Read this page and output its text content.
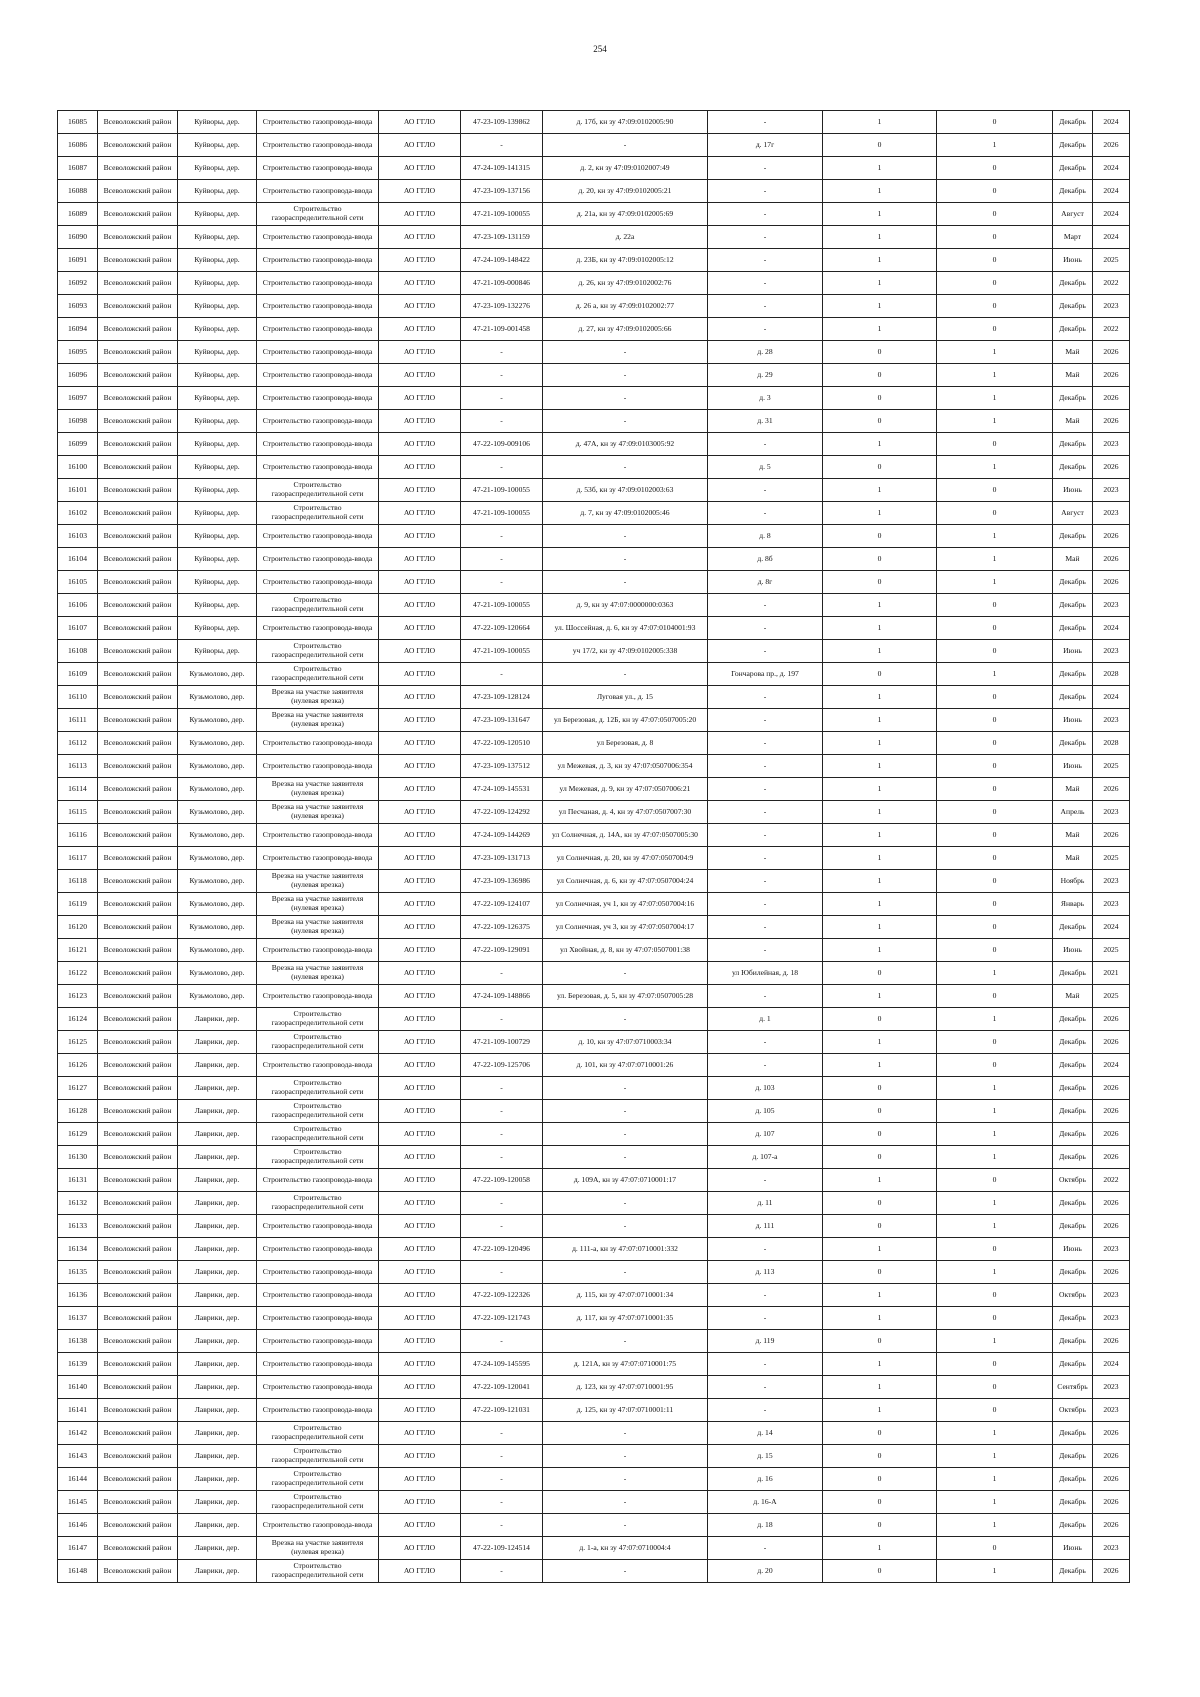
254
16085	Всеволожский район	Куйворы, дер.	Строительство газопровода-ввода	АО ГГЛО	47-23-109-139862	д. 17б, кн зу 47:09:0102005:90	-	1	0	Декабрь	2024
16086	Всеволожский район	Куйворы, дер.	Строительство газопровода-ввода	АО ГГЛО	-	-	д. 17г	0	1	Декабрь	2026
16087	Всеволожский район	Куйворы, дер.	Строительство газопровода-ввода	АО ГГЛО	47-24-109-141315	д. 2, кн зу 47:09:0102007:49	-	1	0	Декабрь	2024
16088	Всеволожский район	Куйворы, дер.	Строительство газопровода-ввода	АО ГГЛО	47-23-109-137156	д. 20, кн зу 47:09:0102005:21	-	1	0	Декабрь	2024
16089	Всеволожский район	Куйворы, дер.	Строительство газораспределительной сети	АО ГГЛО	47-21-109-100055	д. 21а, кн зу 47:09:0102005:69	-	1	0	Август	2024
16090	Всеволожский район	Куйворы, дер.	Строительство газопровода-ввода	АО ГГЛО	47-23-109-131159	д. 22а	-	1	0	Март	2024
16091	Всеволожский район	Куйворы, дер.	Строительство газопровода-ввода	АО ГГЛО	47-24-109-148422	д. 23Б, кн зу 47:09:0102005:12	-	1	0	Июнь	2025
16092	Всеволожский район	Куйворы, дер.	Строительство газопровода-ввода	АО ГГЛО	47-21-109-000846	д. 26, кн зу 47:09:0102002:76	-	1	0	Декабрь	2022
16093	Всеволожский район	Куйворы, дер.	Строительство газопровода-ввода	АО ГГЛО	47-23-109-132276	д. 26 а, кн зу 47:09:0102002:77	-	1	0	Декабрь	2023
16094	Всеволожский район	Куйворы, дер.	Строительство газопровода-ввода	АО ГГЛО	47-21-109-001458	д. 27, кн зу 47:09:0102005:66	-	1	0	Декабрь	2022
16095	Всеволожский район	Куйворы, дер.	Строительство газопровода-ввода	АО ГГЛО	-	-	д. 28	0	1	Май	2026
16096	Всеволожский район	Куйворы, дер.	Строительство газопровода-ввода	АО ГГЛО	-	-	д. 29	0	1	Май	2026
16097	Всеволожский район	Куйворы, дер.	Строительство газопровода-ввода	АО ГГЛО	-	-	д. 3	0	1	Декабрь	2026
16098	Всеволожский район	Куйворы, дер.	Строительство газопровода-ввода	АО ГГЛО	-	-	д. 31	0	1	Май	2026
16099	Всеволожский район	Куйворы, дер.	Строительство газопровода-ввода	АО ГГЛО	47-22-109-009106	д. 47А, кн зу 47:09:0103005:92	-	1	0	Декабрь	2023
16100	Всеволожский район	Куйворы, дер.	Строительство газопровода-ввода	АО ГГЛО	-	-	д. 5	0	1	Декабрь	2026
16101	Всеволожский район	Куйворы, дер.	Строительство газораспределительной сети	АО ГГЛО	47-21-109-100055	д. 53б, кн зу 47:09:0102003:63	-	1	0	Июнь	2023
16102	Всеволожский район	Куйворы, дер.	Строительство газораспределительной сети	АО ГГЛО	47-21-109-100055	д. 7, кн зу 47:09:0102005:46	-	1	0	Август	2023
16103	Всеволожский район	Куйворы, дер.	Строительство газопровода-ввода	АО ГГЛО	-	-	д. 8	0	1	Декабрь	2026
16104	Всеволожский район	Куйворы, дер.	Строительство газопровода-ввода	АО ГГЛО	-	-	д. 8б	0	1	Май	2026
16105	Всеволожский район	Куйворы, дер.	Строительство газопровода-ввода	АО ГГЛО	-	-	д. 8г	0	1	Декабрь	2026
16106	Всеволожский район	Куйворы, дер.	Строительство газораспределительной сети	АО ГГЛО	47-21-109-100055	д. 9, кн зу 47:07:0000000:0363	-	1	0	Декабрь	2023
16107	Всеволожский район	Куйворы, дер.	Строительство газопровода-ввода	АО ГГЛО	47-22-109-120664	ул. Шоссейная, д. 6, кн зу 47:07:0104001:93	-	1	0	Декабрь	2024
16108	Всеволожский район	Куйворы, дер.	Строительство газораспределительной сети	АО ГГЛО	47-21-109-100055	уч 17/2, кн зу 47:09:0102005:338	-	1	0	Июнь	2023
16109	Всеволожский район	Кузьмолово, дер.	Строительство газораспределительной сети	АО ГГЛО	-	-	Гончарова пр., д. 197	0	1	Декабрь	2028
16110	Всеволожский район	Кузьмолово, дер.	Врезка на участке заявителя (нулевая врезка)	АО ГГЛО	47-23-109-128124	Луговая ул., д. 15	-	1	0	Декабрь	2024
16111	Всеволожский район	Кузьмолово, дер.	Врезка на участке заявителя (нулевая врезка)	АО ГГЛО	47-23-109-131647	ул Березовая, д. 12Б, кн зу 47:07:0507005:20	-	1	0	Июнь	2023
16112	Всеволожский район	Кузьмолово, дер.	Строительство газопровода-ввода	АО ГГЛО	47-22-109-120510	ул Березовая, д. 8	-	1	0	Декабрь	2028
16113	Всеволожский район	Кузьмолово, дер.	Строительство газопровода-ввода	АО ГГЛО	47-23-109-137512	ул Межевая, д. 3, кн зу 47:07:0507006:354	-	1	0	Июнь	2025
16114	Всеволожский район	Кузьмолово, дер.	Врезка на участке заявителя (нулевая врезка)	АО ГГЛО	47-24-109-145531	ул Межевая, д. 9, кн зу 47:07:0507006:21	-	1	0	Май	2026
16115	Всеволожский район	Кузьмолово, дер.	Врезка на участке заявителя (нулевая врезка)	АО ГГЛО	47-22-109-124292	ул Песчаная, д. 4, кн зу 47:07:0507007:30	-	1	0	Апрель	2023
16116	Всеволожский район	Кузьмолово, дер.	Строительство газопровода-ввода	АО ГГЛО	47-24-109-144269	ул Солнечная, д. 14А, кн зу 47:07:0507005:30	-	1	0	Май	2026
16117	Всеволожский район	Кузьмолово, дер.	Строительство газопровода-ввода	АО ГГЛО	47-23-109-131713	ул Солнечная, д. 20, кн зу 47:07:0507004:9	-	1	0	Май	2025
16118	Всеволожский район	Кузьмолово, дер.	Врезка на участке заявителя (нулевая врезка)	АО ГГЛО	47-23-109-136986	ул Солнечная, д. 6, кн зу 47:07:0507004:24	-	1	0	Ноябрь	2023
16119	Всеволожский район	Кузьмолово, дер.	Врезка на участке заявителя (нулевая врезка)	АО ГГЛО	47-22-109-124107	ул Солнечная, уч 1, кн зу 47:07:0507004:16	-	1	0	Январь	2023
16120	Всеволожский район	Кузьмолово, дер.	Врезка на участке заявителя (нулевая врезка)	АО ГГЛО	47-22-109-126375	ул Солнечная, уч 3, кн зу 47:07:0507004:17	-	1	0	Декабрь	2024
16121	Всеволожский район	Кузьмолово, дер.	Строительство газопровода-ввода	АО ГГЛО	47-22-109-129091	ул Хвойная, д. 8, кн зу 47:07:0507001:38	-	1	0	Июнь	2025
16122	Всеволожский район	Кузьмолово, дер.	Врезка на участке заявителя (нулевая врезка)	АО ГГЛО	-	-	ул Юбилейная, д. 18	0	1	Декабрь	2021
16123	Всеволожский район	Кузьмолово, дер.	Строительство газопровода-ввода	АО ГГЛО	47-24-109-148866	ул. Березовая, д. 5, кн зу 47:07:0507005:28	-	1	0	Май	2025
16124	Всеволожский район	Лаврики, дер.	Строительство газораспределительной сети	АО ГГЛО	-	-	д. 1	0	1	Декабрь	2026
16125	Всеволожский район	Лаврики, дер.	Строительство газораспределительной сети	АО ГГЛО	47-21-109-100729	д. 10, кн зу 47:07:0710003:34	-	1	0	Декабрь	2026
16126	Всеволожский район	Лаврики, дер.	Строительство газопровода-ввода	АО ГГЛО	47-22-109-125706	д. 101, кн зу 47:07:0710001:26	-	1	0	Декабрь	2024
16127	Всеволожский район	Лаврики, дер.	Строительство газораспределительной сети	АО ГГЛО	-	-	д. 103	0	1	Декабрь	2026
16128	Всеволожский район	Лаврики, дер.	Строительство газораспределительной сети	АО ГГЛО	-	-	д. 105	0	1	Декабрь	2026
16129	Всеволожский район	Лаврики, дер.	Строительство газораспределительной сети	АО ГГЛО	-	-	д. 107	0	1	Декабрь	2026
16130	Всеволожский район	Лаврики, дер.	Строительство газораспределительной сети	АО ГГЛО	-	-	д. 107-а	0	1	Декабрь	2026
16131	Всеволожский район	Лаврики, дер.	Строительство газопровода-ввода	АО ГГЛО	47-22-109-120058	д. 109А, кн зу 47:07:0710001:17	-	1	0	Октябрь	2022
16132	Всеволожский район	Лаврики, дер.	Строительство газораспределительной сети	АО ГГЛО	-	-	д. 11	0	1	Декабрь	2026
16133	Всеволожский район	Лаврики, дер.	Строительство газопровода-ввода	АО ГГЛО	-	-	д. 111	0	1	Декабрь	2026
16134	Всеволожский район	Лаврики, дер.	Строительство газопровода-ввода	АО ГГЛО	47-22-109-120496	д. 111-а, кн зу 47:07:0710001:332	-	1	0	Июнь	2023
16135	Всеволожский район	Лаврики, дер.	Строительство газопровода-ввода	АО ГГЛО	-	-	д. 113	0	1	Декабрь	2026
16136	Всеволожский район	Лаврики, дер.	Строительство газопровода-ввода	АО ГГЛО	47-22-109-122326	д. 115, кн зу 47:07:0710001:34	-	1	0	Октябрь	2023
16137	Всеволожский район	Лаврики, дер.	Строительство газопровода-ввода	АО ГГЛО	47-22-109-121743	д. 117, кн зу 47:07:0710001:35	-	1	0	Декабрь	2023
16138	Всеволожский район	Лаврики, дер.	Строительство газопровода-ввода	АО ГГЛО	-	-	д. 119	0	1	Декабрь	2026
16139	Всеволожский район	Лаврики, дер.	Строительство газопровода-ввода	АО ГГЛО	47-24-109-145595	д. 121А, кн зу 47:07:0710001:75	-	1	0	Декабрь	2024
16140	Всеволожский район	Лаврики, дер.	Строительство газопровода-ввода	АО ГГЛО	47-22-109-120041	д. 123, кн зу 47:07:0710001:95	-	1	0	Сентябрь	2023
16141	Всеволожский район	Лаврики, дер.	Строительство газопровода-ввода	АО ГГЛО	47-22-109-121031	д. 125, кн зу 47:07:0710001:11	-	1	0	Октябрь	2023
16142	Всеволожский район	Лаврики, дер.	Строительство газораспределительной сети	АО ГГЛО	-	-	д. 14	0	1	Декабрь	2026
16143	Всеволожский район	Лаврики, дер.	Строительство газораспределительной сети	АО ГГЛО	-	-	д. 15	0	1	Декабрь	2026
16144	Всеволожский район	Лаврики, дер.	Строительство газораспределительной сети	АО ГГЛО	-	-	д. 16	0	1	Декабрь	2026
16145	Всеволожский район	Лаврики, дер.	Строительство газораспределительной сети	АО ГГЛО	-	-	д. 16-А	0	1	Декабрь	2026
16146	Всеволожский район	Лаврики, дер.	Строительство газопровода-ввода	АО ГГЛО	-	-	д. 18	0	1	Декабрь	2026
16147	Всеволожский район	Лаврики, дер.	Врезка на участке заявителя (нулевая врезка)	АО ГГЛО	47-22-109-124514	д. 1-а, кн зу 47:07:0710004:4	-	1	0	Июнь	2023
16148	Всеволожский район	Лаврики, дер.	Строительство газораспределительной сети	АО ГГЛО	-	-	д. 20	0	1	Декабрь	2026
